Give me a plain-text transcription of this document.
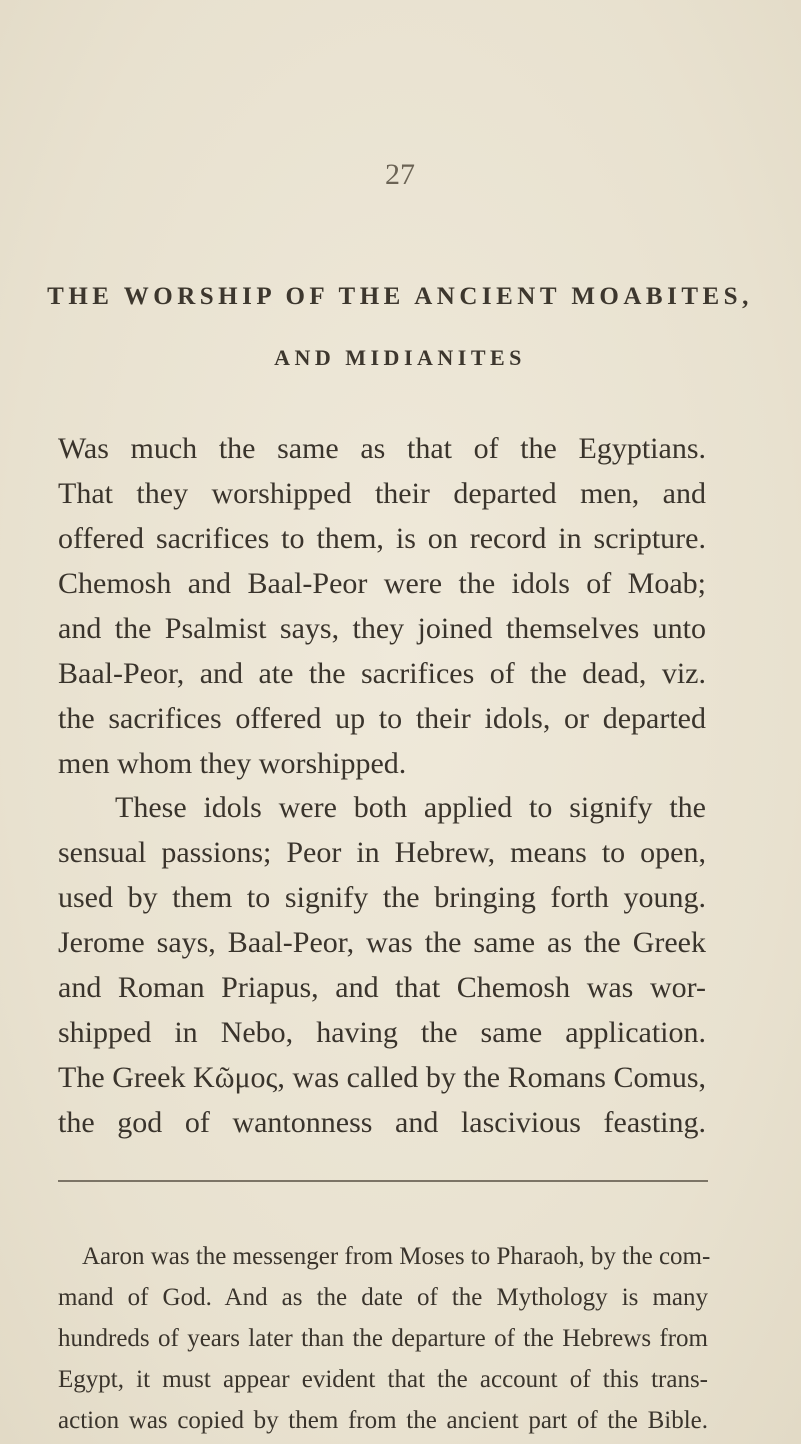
27
THE WORSHIP OF THE ANCIENT MOABITES,
AND MIDIANITES
Was much the same as that of the Egyptians.
That they worshipped their departed men, and
offered sacrifices to them, is on record in scripture.
Chemosh and Baal-Peor were the idols of Moab;
and the Psalmist says, they joined themselves unto
Baal-Peor, and ate the sacrifices of the dead, viz.
the sacrifices offered up to their idols, or departed
men whom they worshipped.
These idols were both applied to signify the
sensual passions; Peor in Hebrew, means to open,
used by them to signify the bringing forth young.
Jerome says, Baal-Peor, was the same as the Greek
and Roman Priapus, and that Chemosh was wor-
shipped in Nebo, having the same application.
The Greek Κῶμος, was called by the Romans Comus,
the god of wantonness and lascivious feasting.
Aaron was the messenger from Moses to Pharaoh, by the com-
mand of God. And as the date of the Mythology is many
hundreds of years later than the departure of the Hebrews from
Egypt, it must appear evident that the account of this trans-
action was copied by them from the ancient part of the Bible.
